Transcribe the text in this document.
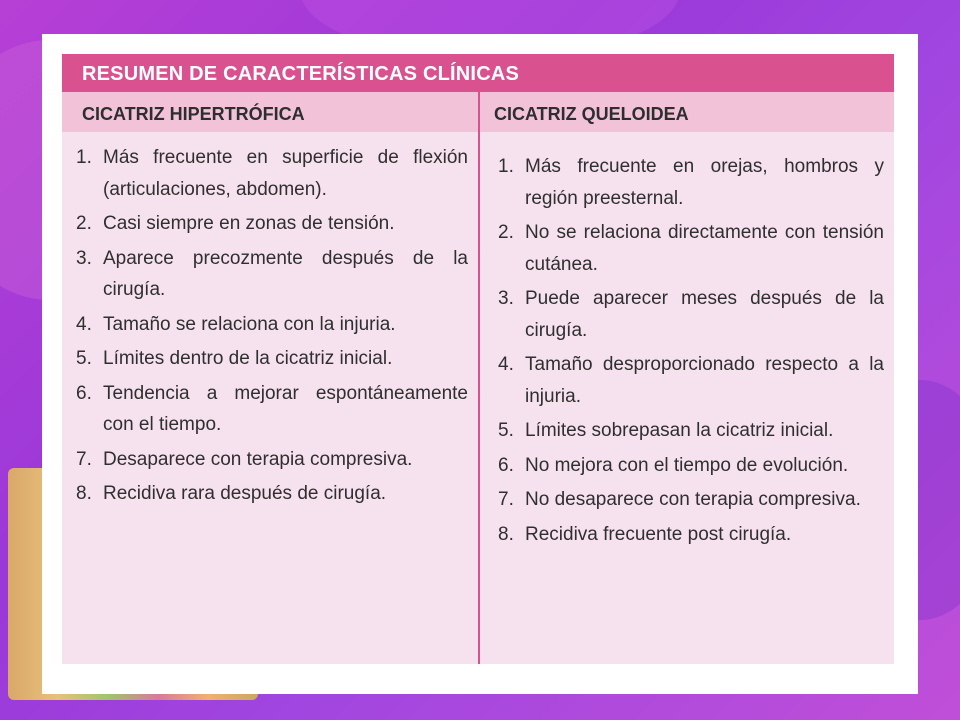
RESUMEN DE CARACTERÍSTICAS CLÍNICAS
CICATRIZ HIPERTRÓFICA	CICATRIZ QUELOIDEA
1. Más frecuente en superficie de flexión (articulaciones, abdomen).
2. Casi siempre en zonas de tensión.
3. Aparece precozmente después de la cirugía.
4. Tamaño se relaciona con la injuria.
5. Límites dentro de la cicatriz inicial.
6. Tendencia a mejorar espontáneamente con el tiempo.
7. Desaparece con terapia compresiva.
8. Recidiva rara después de cirugía.
1. Más frecuente en orejas, hombros y región preesternal.
2. No se relaciona directamente con tensión cutánea.
3. Puede aparecer meses después de la cirugía.
4. Tamaño desproporcionado respecto a la injuria.
5. Límites sobrepasan la cicatriz inicial.
6. No mejora con el tiempo de evolución.
7. No desaparece con terapia compresiva.
8. Recidiva frecuente post cirugía.
